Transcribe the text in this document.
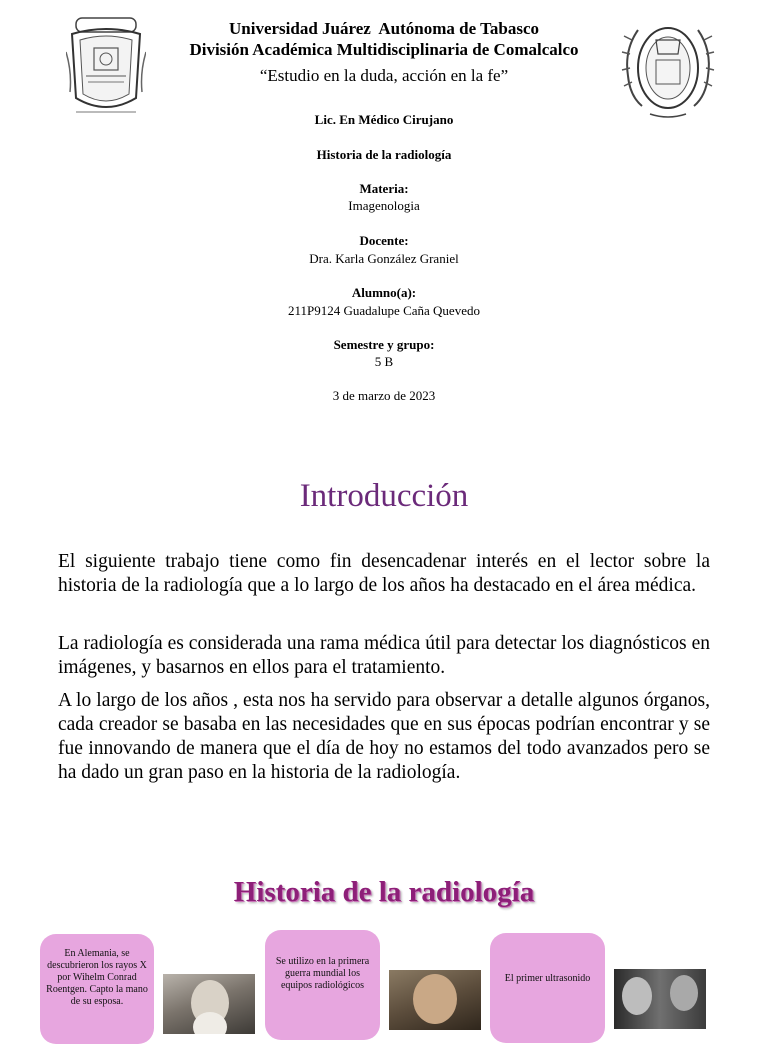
Universidad Juárez  Autónoma de Tabasco
División Académica Multidisciplinaria de Comalcalco
“Estudio en la duda, acción en la fe”
Lic. En Médico Cirujano
Historia de la radiología
Materia:
Imagenologia
Docente:
Dra. Karla González Graniel
Alumno(a):
211P9124 Guadalupe Caña Quevedo
Semestre y grupo:
5 B
3 de marzo de 2023
Introducción
El siguiente trabajo tiene como fin desencadenar interés en el lector sobre la historia de la radiología que a lo largo de los años ha destacado en el área médica.
La radiología es considerada una rama médica útil para detectar los diagnósticos en imágenes, y basarnos en ellos para el tratamiento.
A lo largo de los años , esta nos ha servido para observar a detalle algunos órganos, cada creador se basaba en las necesidades que en sus épocas podrían encontrar y se fue innovando de manera que el día de hoy no estamos del todo avanzados pero se ha dado un gran paso en la historia de la radiología.
Historia de la radiología
En Alemania, se descubrieron los rayos X por Wihelm Conrad Roentgen. Capto la mano de su esposa.
Se utilizo en la primera guerra mundial los equipos radiológicos
El primer ultrasonido
